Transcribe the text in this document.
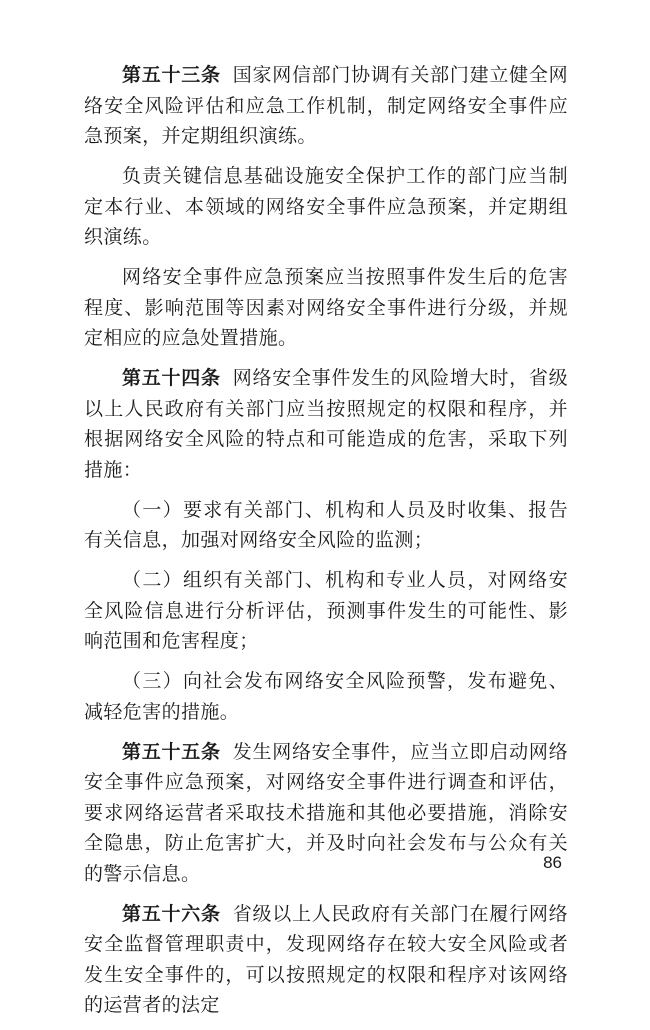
第五十三条 国家网信部门协调有关部门建立健全网络安全风险评估和应急工作机制，制定网络安全事件应急预案，并定期组织演练。

负责关键信息基础设施安全保护工作的部门应当制定本行业、本领域的网络安全事件应急预案，并定期组织演练。

网络安全事件应急预案应当按照事件发生后的危害程度、影响范围等因素对网络安全事件进行分级，并规定相应的应急处置措施。

第五十四条 网络安全事件发生的风险增大时，省级以上人民政府有关部门应当按照规定的权限和程序，并根据网络安全风险的特点和可能造成的危害，采取下列措施：

（一）要求有关部门、机构和人员及时收集、报告有关信息，加强对网络安全风险的监测；

（二）组织有关部门、机构和专业人员，对网络安全风险信息进行分析评估，预测事件发生的可能性、影响范围和危害程度；

（三）向社会发布网络安全风险预警，发布避免、减轻危害的措施。

第五十五条 发生网络安全事件，应当立即启动网络安全事件应急预案，对网络安全事件进行调查和评估，要求网络运营者采取技术措施和其他必要措施，消除安全隐患，防止危害扩大，并及时向社会发布与公众有关的警示信息。

第五十六条 省级以上人民政府有关部门在履行网络安全监督管理职责中，发现网络存在较大安全风险或者发生安全事件的，可以按照规定的权限和程序对该网络的运营者的法定

86
